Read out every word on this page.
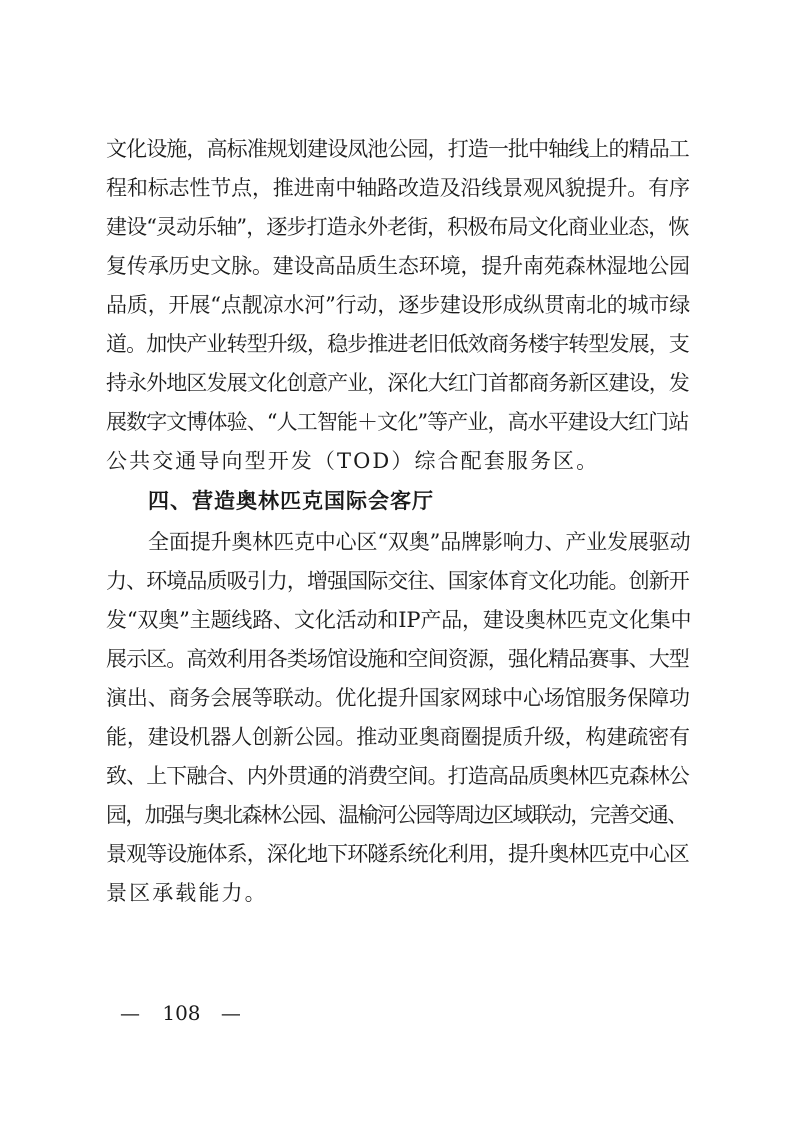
文化设施，高标准规划建设凤池公园，打造一批中轴线上的精品工
程和标志性节点，推进南中轴路改造及沿线景观风貌提升。有序
建设“灵动乐轴”，逐步打造永外老街，积极布局文化商业业态，恢
复传承历史文脉。建设高品质生态环境，提升南苑森林湿地公园
品质，开展“点靓凉水河”行动，逐步建设形成纵贯南北的城市绿
道。加快产业转型升级，稳步推进老旧低效商务楼宇转型发展，支
持永外地区发展文化创意产业，深化大红门首都商务新区建设，发
展数字文博体验、“人工智能＋文化”等产业，高水平建设大红门站
公共交通导向型开发（TOD）综合配套服务区。
四、营造奥林匹克国际会客厅
全面提升奥林匹克中心区“双奥”品牌影响力、产业发展驱动
力、环境品质吸引力，增强国际交往、国家体育文化功能。创新开
发“双奥”主题线路、文化活动和IP产品，建设奥林匹克文化集中
展示区。高效利用各类场馆设施和空间资源，强化精品赛事、大型
演出、商务会展等联动。优化提升国家网球中心场馆服务保障功
能，建设机器人创新公园。推动亚奥商圈提质升级，构建疏密有
致、上下融合、内外贯通的消费空间。打造高品质奥林匹克森林公
园，加强与奥北森林公园、温榆河公园等周边区域联动，完善交通、
景观等设施体系，深化地下环隧系统化利用，提升奥林匹克中心区
景区承载能力。
— 108 —
